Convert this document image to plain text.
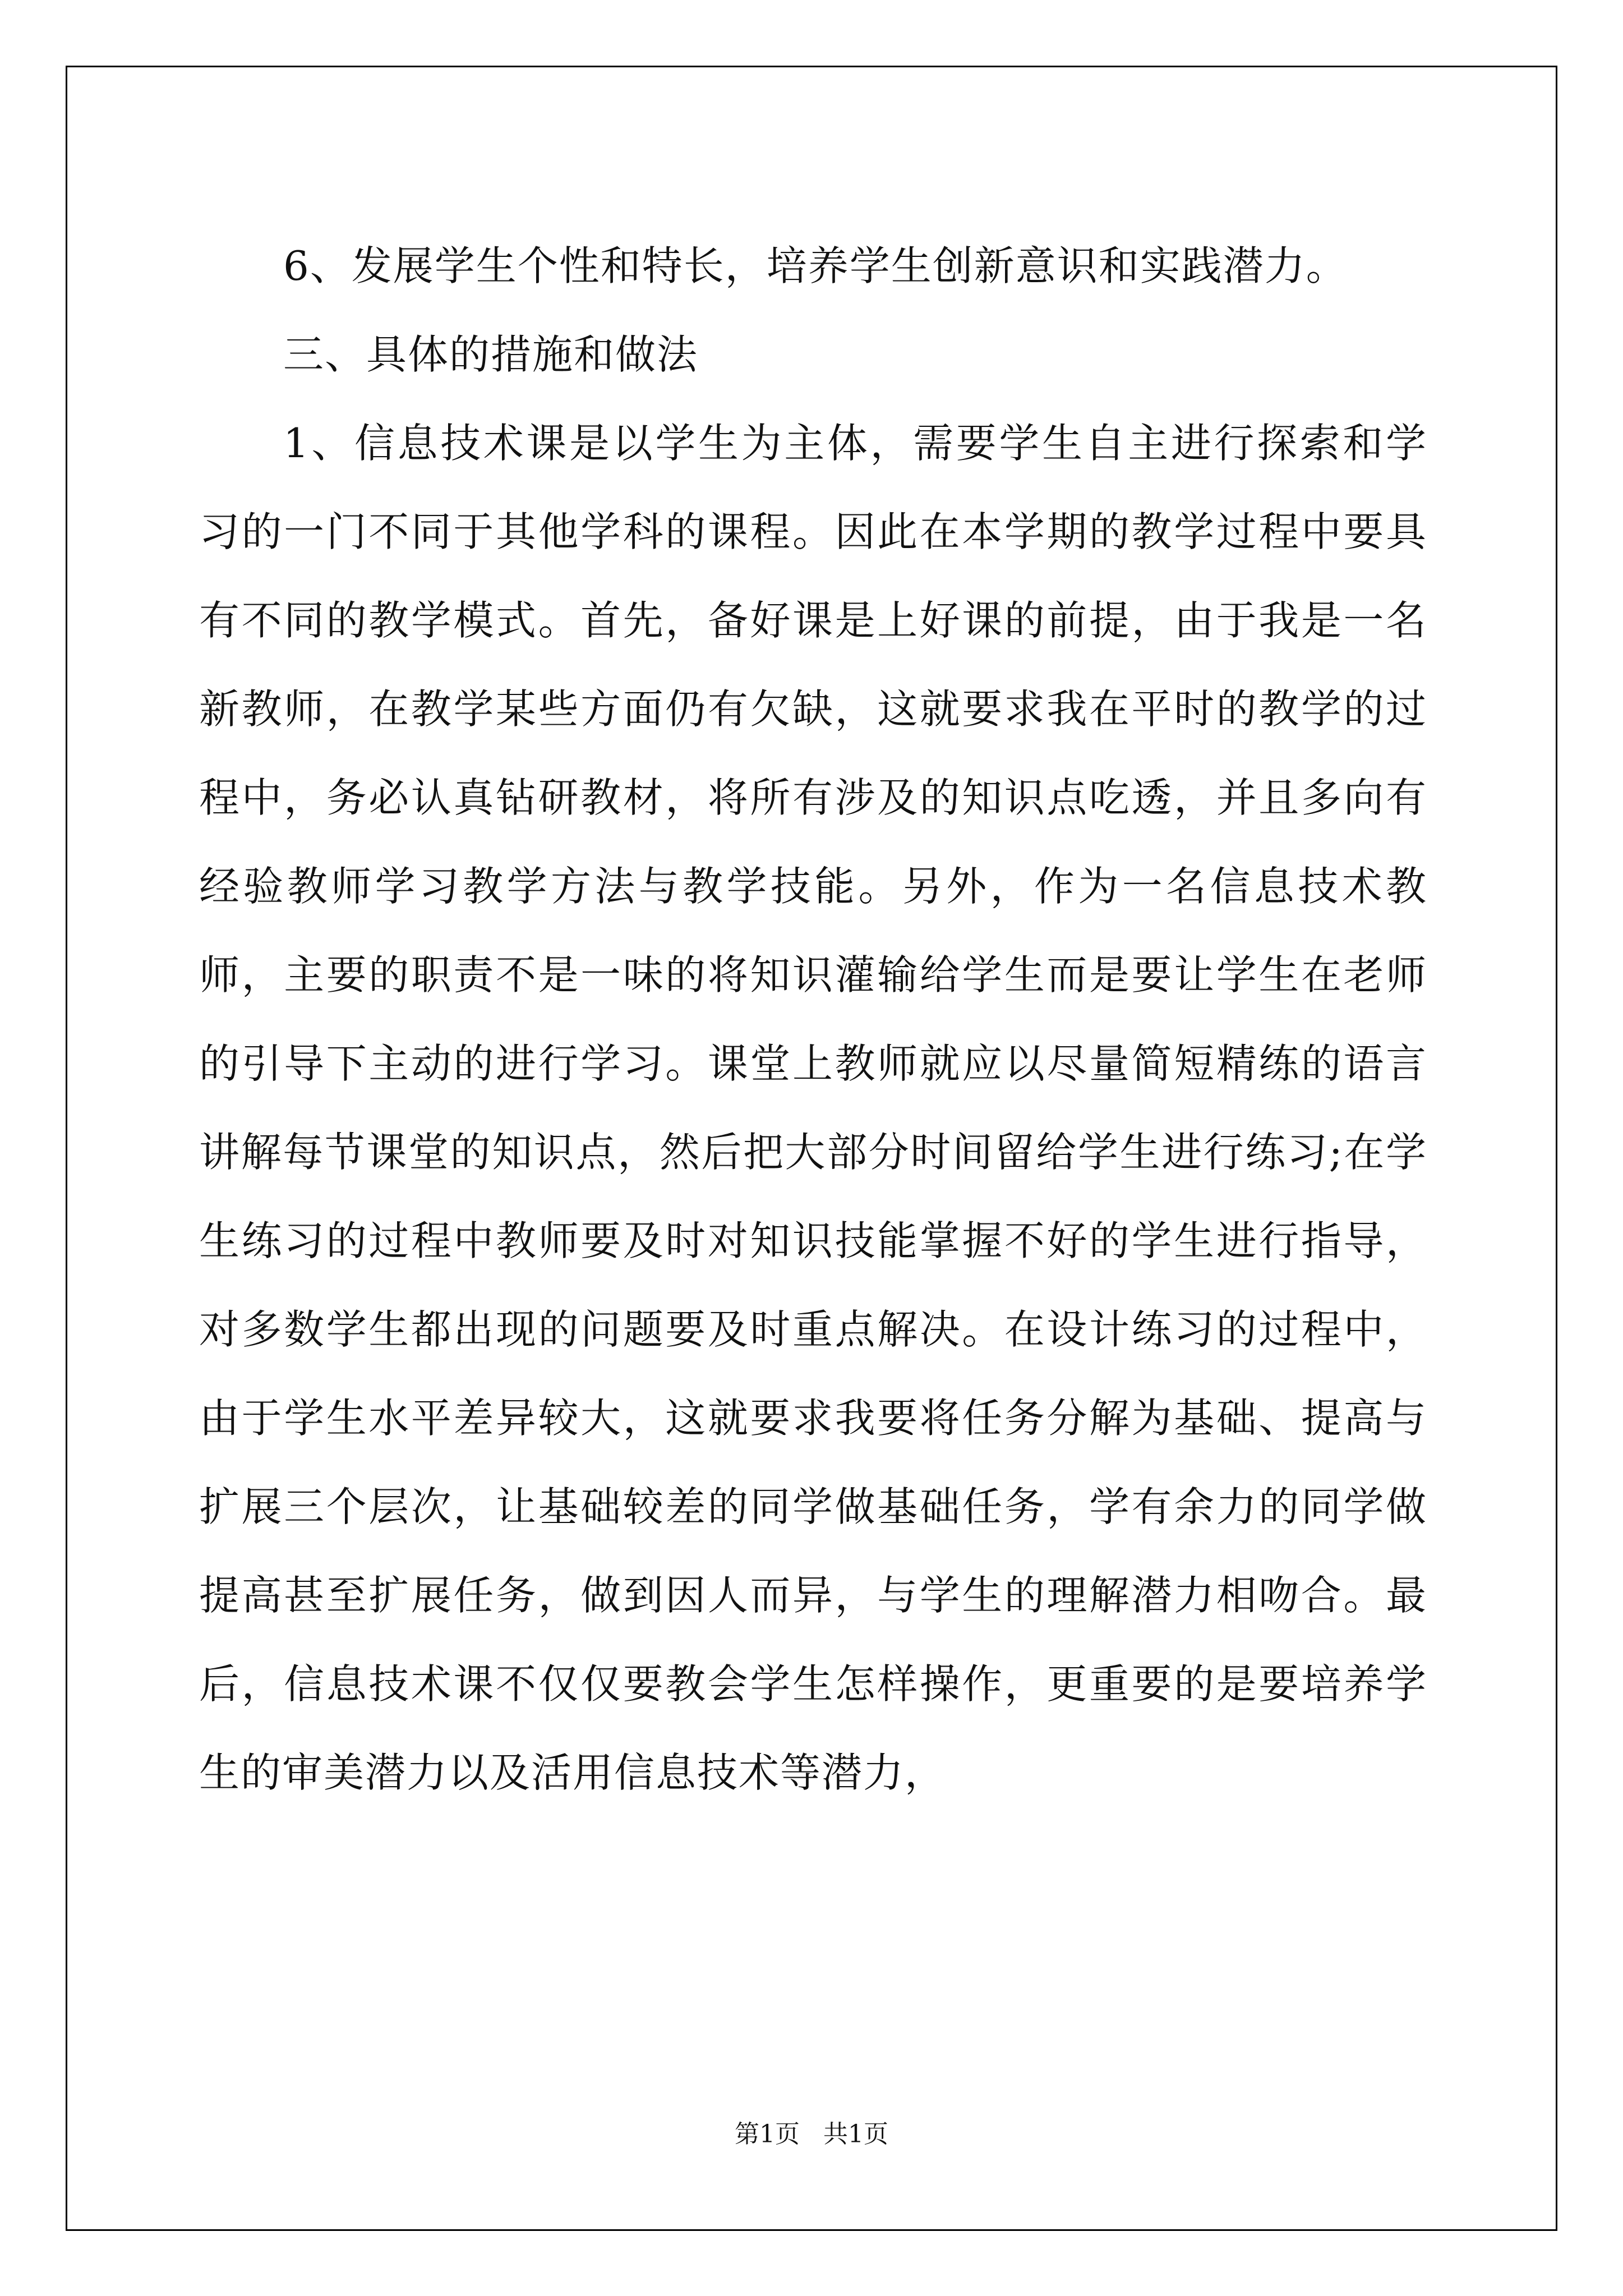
6、发展学生个性和特长，培养学生创新意识和实践潜力。

三、具体的措施和做法

1、信息技术课是以学生为主体，需要学生自主进行探索和学习的一门不同于其他学科的课程。因此在本学期的教学过程中要具有不同的教学模式。首先，备好课是上好课的前提，由于我是一名新教师，在教学某些方面仍有欠缺，这就要求我在平时的教学的过程中，务必认真钻研教材，将所有涉及的知识点吃透，并且多向有经验教师学习教学方法与教学技能。另外，作为一名信息技术教师，主要的职责不是一味的将知识灌输给学生而是要让学生在老师的引导下主动的进行学习。课堂上教师就应以尽量简短精练的语言讲解每节课堂的知识点，然后把大部分时间留给学生进行练习;在学生练习的过程中教师要及时对知识技能掌握不好的学生进行指导，对多数学生都出现的问题要及时重点解决。在设计练习的过程中，由于学生水平差异较大，这就要求我要将任务分解为基础、提高与扩展三个层次，让基础较差的同学做基础任务，学有余力的同学做提高甚至扩展任务，做到因人而异，与学生的理解潜力相吻合。最后，信息技术课不仅仅要教会学生怎样操作，更重要的是要培养学生的审美潜力以及活用信息技术等潜力，

第1页 共1页
